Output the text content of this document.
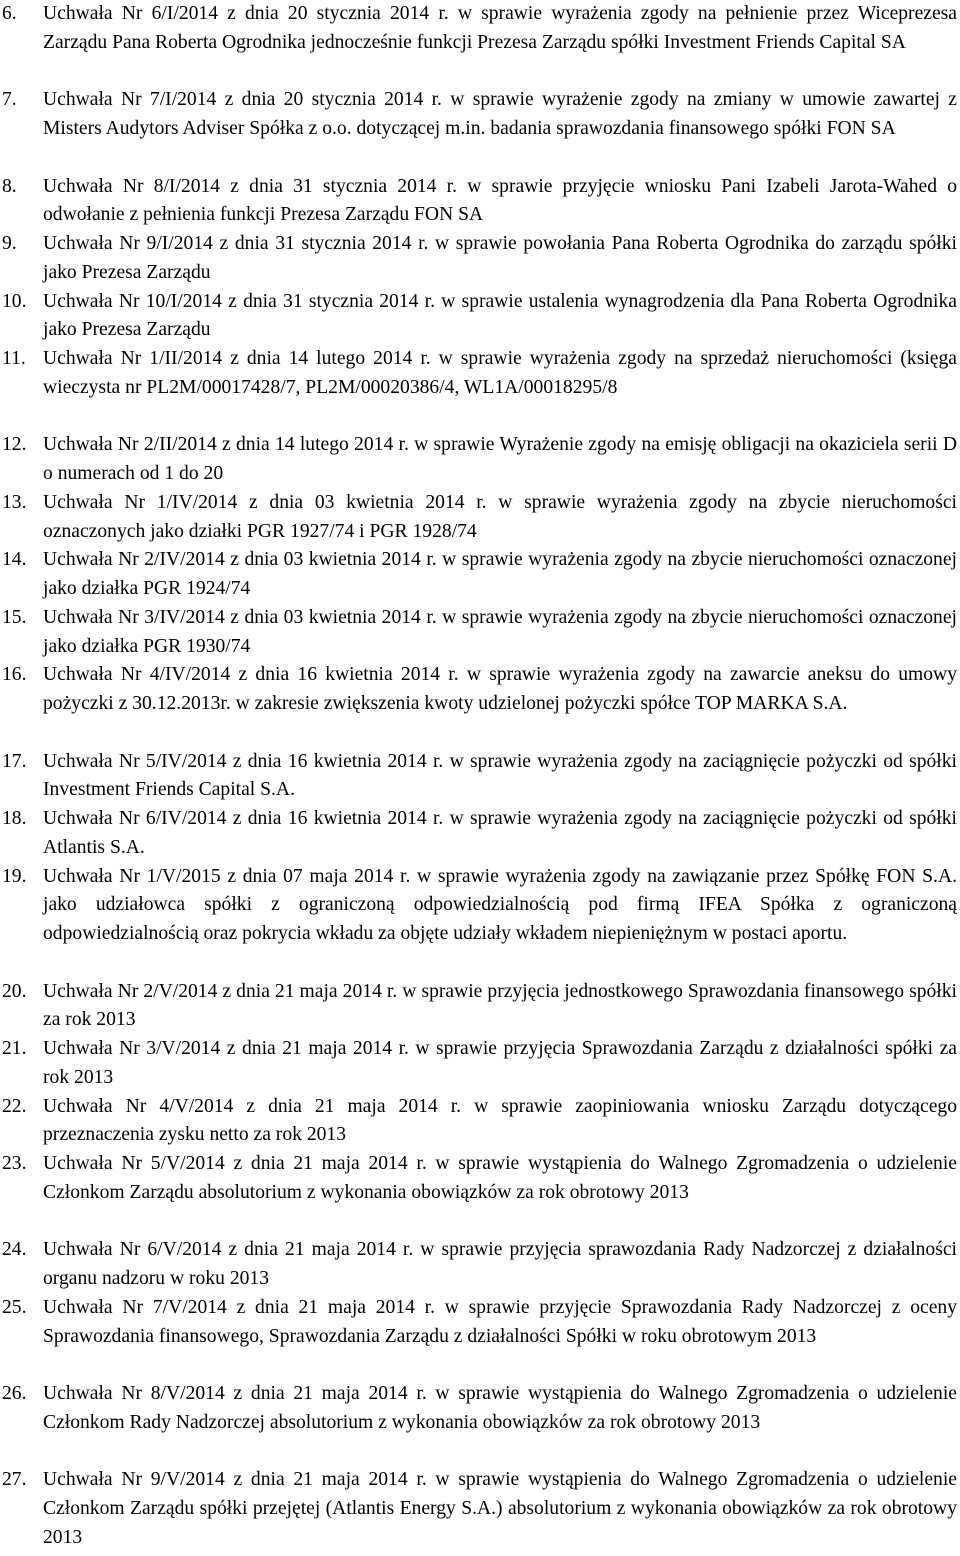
6. Uchwała Nr 6/I/2014 z dnia 20 stycznia 2014 r. w sprawie wyrażenia zgody na pełnienie przez Wiceprezesa Zarządu Pana Roberta Ogrodnika jednocześnie funkcji Prezesa Zarządu spółki Investment Friends Capital SA
7. Uchwała Nr 7/I/2014 z dnia 20 stycznia 2014 r. w sprawie wyrażenie zgody na zmiany w umowie zawartej z Misters Audytors Adviser Spółka z o.o. dotyczącej m.in. badania sprawozdania finansowego spółki FON SA
8. Uchwała Nr 8/I/2014 z dnia 31 stycznia 2014 r. w sprawie przyjęcie wniosku Pani Izabeli Jarota-Wahed o odwołanie z pełnienia funkcji Prezesa Zarządu FON SA
9. Uchwała Nr 9/I/2014 z dnia 31 stycznia 2014 r. w sprawie powołania Pana Roberta Ogrodnika do zarządu spółki jako Prezesa Zarządu
10. Uchwała Nr 10/I/2014 z dnia 31 stycznia 2014 r. w sprawie ustalenia wynagrodzenia dla Pana Roberta Ogrodnika jako Prezesa Zarządu
11. Uchwała Nr 1/II/2014 z dnia 14 lutego 2014 r. w sprawie wyrażenia zgody na sprzedaż nieruchomości (księga wieczysta nr PL2M/00017428/7, PL2M/00020386/4, WL1A/00018295/8
12. Uchwała Nr 2/II/2014 z dnia 14 lutego 2014 r. w sprawie Wyrażenie zgody na emisję obligacji na okaziciela serii D o numerach od 1 do 20
13. Uchwała Nr 1/IV/2014 z dnia 03 kwietnia 2014 r. w sprawie wyrażenia zgody na zbycie nieruchomości oznaczonych jako działki PGR 1927/74 i PGR 1928/74
14. Uchwała Nr 2/IV/2014 z dnia 03 kwietnia 2014 r. w sprawie wyrażenia zgody na zbycie nieruchomości oznaczonej jako działka PGR 1924/74
15. Uchwała Nr 3/IV/2014 z dnia 03 kwietnia 2014 r. w sprawie wyrażenia zgody na zbycie nieruchomości oznaczonej jako działka PGR 1930/74
16. Uchwała Nr 4/IV/2014 z dnia 16 kwietnia 2014 r. w sprawie wyrażenia zgody na zawarcie aneksu do umowy pożyczki z 30.12.2013r. w zakresie zwiększenia kwoty udzielonej pożyczki spółce TOP MARKA S.A.
17. Uchwała Nr 5/IV/2014 z dnia 16 kwietnia 2014 r. w sprawie wyrażenia zgody na zaciągnięcie pożyczki od spółki Investment Friends Capital S.A.
18. Uchwała Nr 6/IV/2014 z dnia 16 kwietnia 2014 r. w sprawie wyrażenia zgody na zaciągnięcie pożyczki od spółki Atlantis S.A.
19. Uchwała Nr 1/V/2015 z dnia 07 maja 2014 r. w sprawie wyrażenia zgody na zawiązanie przez Spółkę FON S.A. jako udziałowca spółki z ograniczoną odpowiedzialnością pod firmą IFEA Spółka z ograniczoną odpowiedzialnością oraz pokrycia wkładu za objęte udziały wkładem niepieniężnym w postaci aportu.
20. Uchwała Nr 2/V/2014 z dnia 21 maja 2014 r. w sprawie przyjęcia jednostkowego Sprawozdania finansowego spółki za rok 2013
21. Uchwała Nr 3/V/2014 z dnia 21 maja 2014 r. w sprawie przyjęcia Sprawozdania Zarządu z działalności spółki za rok 2013
22. Uchwała Nr 4/V/2014 z dnia 21 maja 2014 r. w sprawie zaopiniowania wniosku Zarządu dotyczącego przeznaczenia zysku netto za rok 2013
23. Uchwała Nr 5/V/2014 z dnia 21 maja 2014 r. w sprawie wystąpienia do Walnego Zgromadzenia o udzielenie Członkom Zarządu absolutorium z wykonania obowiązków za rok obrotowy 2013
24. Uchwała Nr 6/V/2014 z dnia 21 maja 2014 r. w sprawie przyjęcia sprawozdania Rady Nadzorczej z działalności organu nadzoru w roku 2013
25. Uchwała Nr 7/V/2014 z dnia 21 maja 2014 r. w sprawie przyjęcie Sprawozdania Rady Nadzorczej z oceny Sprawozdania finansowego, Sprawozdania Zarządu z działalności Spółki w roku obrotowym 2013
26. Uchwała Nr 8/V/2014 z dnia 21 maja 2014 r. w sprawie wystąpienia do Walnego Zgromadzenia o udzielenie Członkom Rady Nadzorczej absolutorium z wykonania obowiązków za rok obrotowy 2013
27. Uchwała Nr 9/V/2014 z dnia 21 maja 2014 r. w sprawie wystąpienia do Walnego Zgromadzenia o udzielenie Członkom Zarządu spółki przejętej (Atlantis Energy S.A.) absolutorium z wykonania obowiązków za rok obrotowy 2013
